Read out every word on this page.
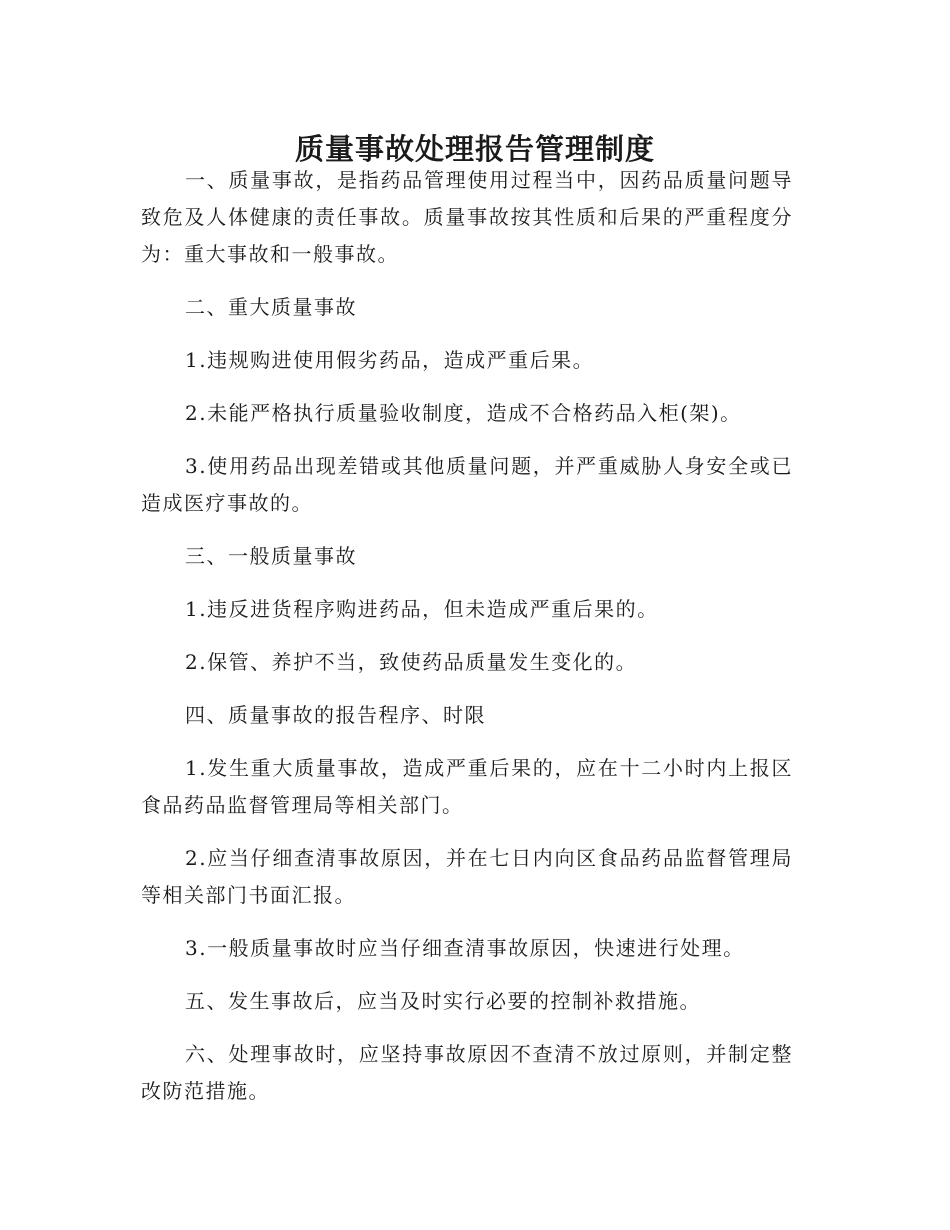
质量事故处理报告管理制度

一、质量事故，是指药品管理使用过程当中，因药品质量问题导致危及人体健康的责任事故。质量事故按其性质和后果的严重程度分为：重大事故和一般事故。

二、重大质量事故

1.违规购进使用假劣药品，造成严重后果。

2.未能严格执行质量验收制度，造成不合格药品入柜(架)。

3.使用药品出现差错或其他质量问题，并严重威胁人身安全或已造成医疗事故的。

三、一般质量事故

1.违反进货程序购进药品，但未造成严重后果的。

2.保管、养护不当，致使药品质量发生变化的。

四、质量事故的报告程序、时限

1.发生重大质量事故，造成严重后果的，应在十二小时内上报区食品药品监督管理局等相关部门。

2.应当仔细查清事故原因，并在七日内向区食品药品监督管理局等相关部门书面汇报。

3.一般质量事故时应当仔细查清事故原因，快速进行处理。

五、发生事故后，应当及时实行必要的控制补救措施。

六、处理事故时，应坚持事故原因不查清不放过原则，并制定整改防范措施。
